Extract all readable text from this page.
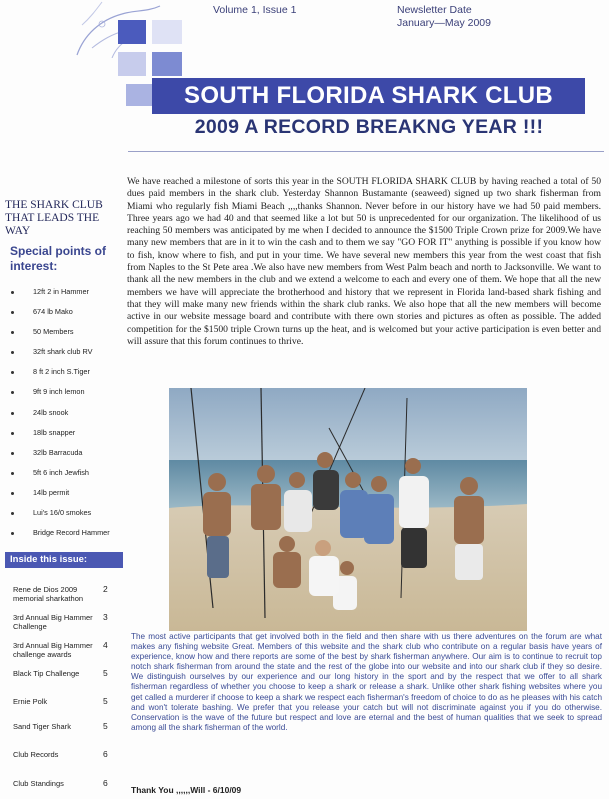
Volume 1, Issue 1	Newsletter Date
January—May 2009
SOUTH FLORIDA SHARK CLUB
2009 A RECORD BREAKNG YEAR !!!
THE SHARK CLUB THAT LEADS THE WAY
Special points of interest:
12ft 2 in Hammer
674 lb Mako
50 Members
32ft shark club RV
8 ft 2 inch S.Tiger
9ft 9 inch lemon
24lb snook
18lb snapper
32lb Barracuda
5ft 6 inch Jewfish
14lb permit
Lui's 16/0 smokes
Bridge Record Hammer
Inside this issue:
Rene de Dios 2009 memorial sharkathon
2
3rd Annual Big Hammer Challenge
3
3rd Annual Big Hammer challenge awards
4
Black Tip Challenge	5
Ernie Polk	5
Sand Tiger Shark	5
Club Records	6
Club Standings	6

We have reached a milestone of sorts this year in the SOUTH FLORIDA SHARK CLUB by having reached a total of 50 dues paid members in the shark club. Yesterday Shannon Bustamante (seaweed) signed up two shark fisherman from Miami who regularly fish Miami Beach ,,,,thanks Shannon. Never before in our history have we had 50 paid members. Three years ago we had 40 and that seemed like a lot but 50 is unprecedented for our organization. The likelihood of us reaching 50 members was anticipated by me when I decided to announce the $1500 Triple Crown prize for 2009.We have many new members that are in it to win the cash and to them we say "GO FOR IT" anything is possible if you know how to fish, know where to fish, and put in your time. We have several new members this year from the west coast that fish from Naples to the St Pete area .We also have new members from West Palm beach and north to Jacksonville. We want to thank all the new members in the club and we extend a welcome to each and every one of them. We hope that all the new members we have will appreciate the brotherhood and history that we represent in Florida land-based shark fishing and that they will make many new friends within the shark club ranks. We also hope that all the new members will become active in our website message board and contribute with there own stories and pictures as often as possible. The added competition for the $1500 triple Crown turns up the heat, and is welcomed but your active participation is even better and will assure that this forum continues to thrive.

The most active participants that get involved both in the field and then share with us there adventures on the forum are what makes any fishing website Great. Members of this website and the shark club who contribute on a regular basis have years of experience, know how and there reports are some of the best by shark fisherman anywhere. Our aim is to continue to recruit top notch shark fisherman from around the state and the rest of the globe into our website and into our shark club if they so desire. We distinguish ourselves by our experience and our long history in the sport and by the respect that we offer to all shark fisherman regardless of whether you choose to keep a shark or release a shark. Unlike other shark fishing websites where you get called a murderer if choose to keep a shark we respect each fisherman's freedom of choice to do as he pleases with his catch and won't tolerate bashing. We prefer that you release your catch but will not discriminate against you if you do otherwise. Conservation is the wave of the future but respect and love are eternal and the best of human qualities that we seek to spread among all the shark fisherman of the world.

Thank You ,,,,,,Will - 6/10/09
